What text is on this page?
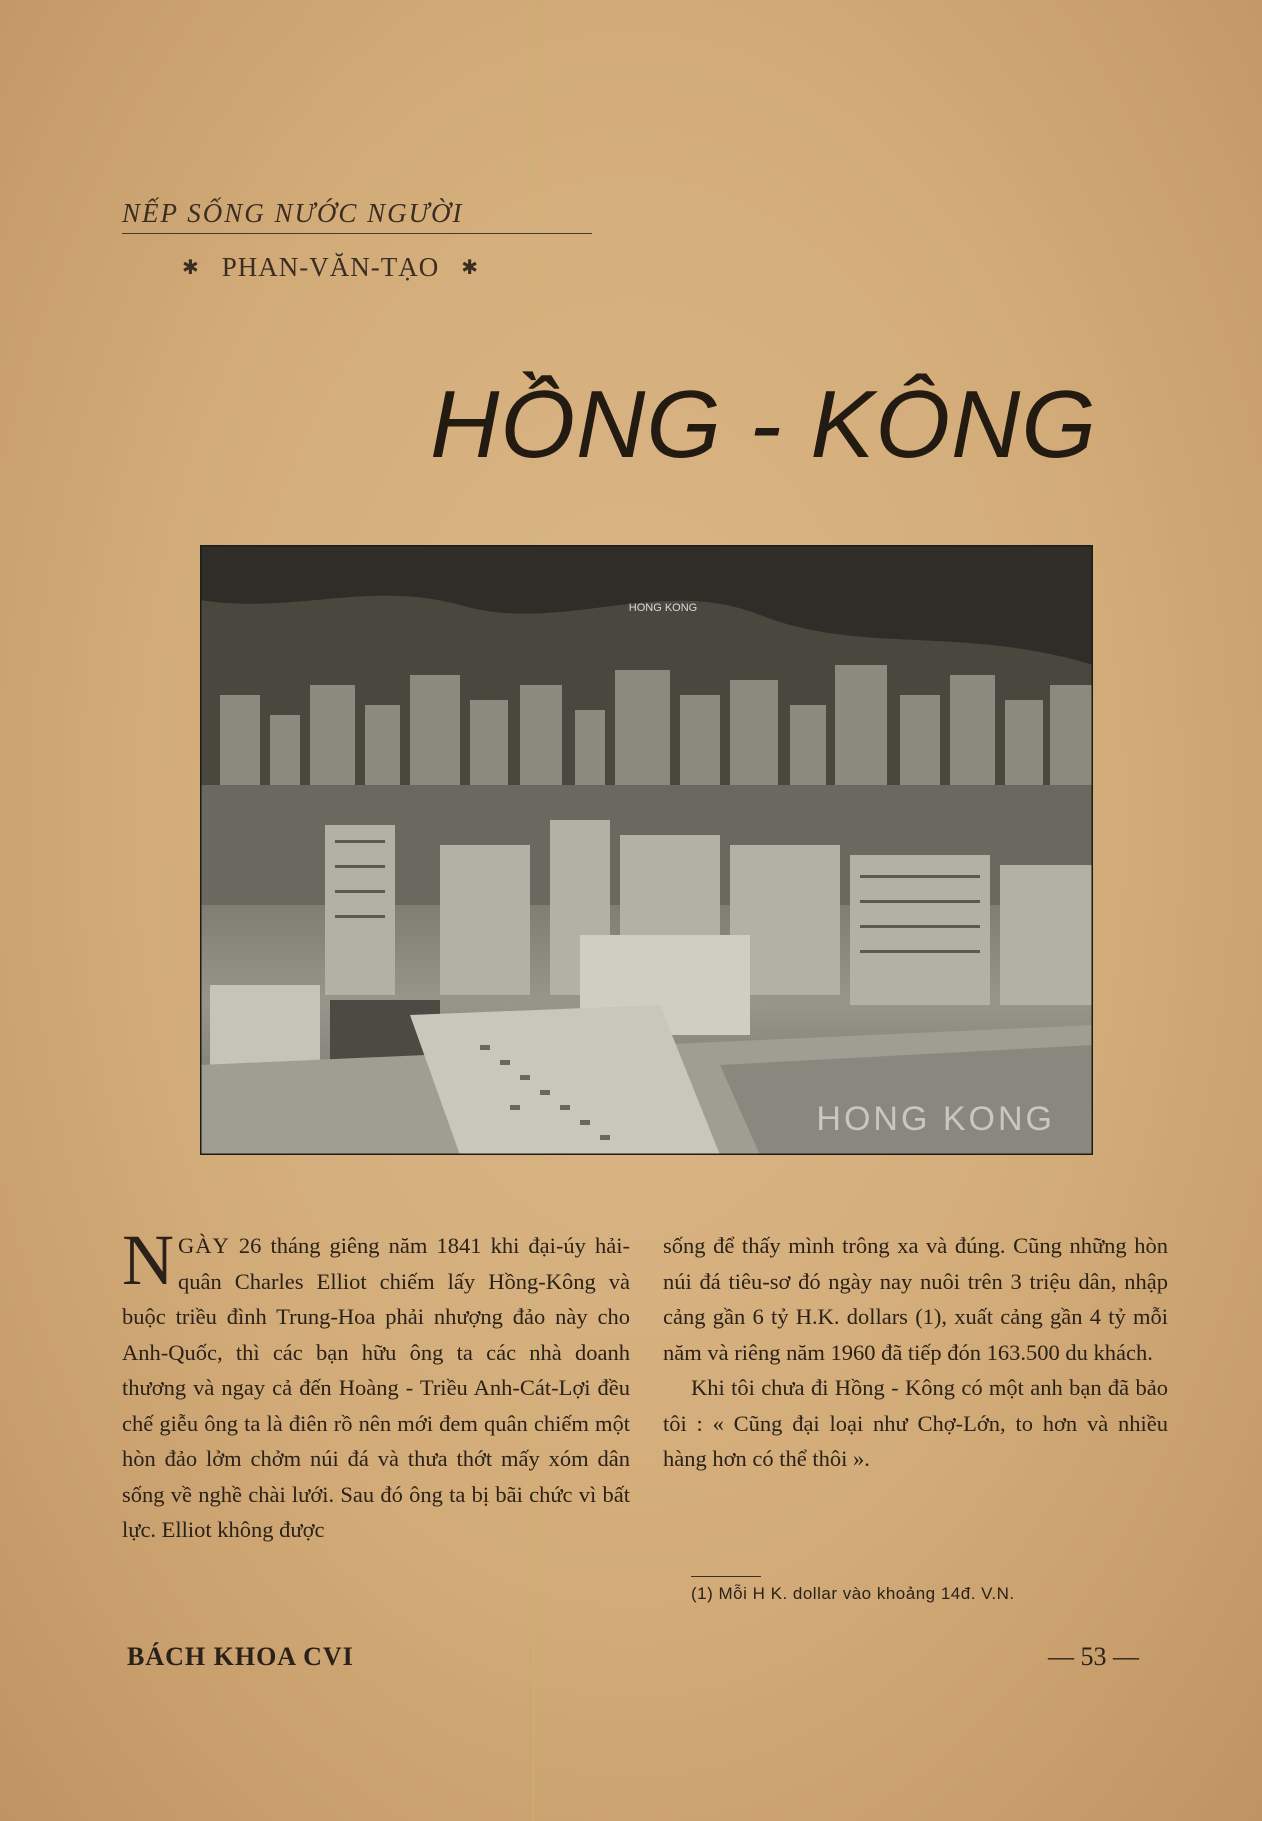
NẾP SỐNG NƯỚC NGƯỜI
✱ PHAN-VĂN-TẠO ✱
HỒNG - KÔNG
HONG KONG
HONG KONG

N GÀY 26 tháng giêng năm 1841 khi đại-úy hải-quân Charles Elliot chiếm lấy Hồng-Kông và buộc triều đình Trung-Hoa phải nhượng đảo này cho Anh-Quốc, thì các bạn hữu ông ta các nhà doanh thương và ngay cả đến Hoàng - Triều Anh-Cát-Lợi đều chế giễu ông ta là điên rồ nên mới đem quân chiếm một hòn đảo lởm chởm núi đá và thưa thớt mấy xóm dân sống về nghề chài lưới. Sau đó ông ta bị bãi chức vì bất lực. Elliot không được

sống để thấy mình trông xa và đúng. Cũng những hòn núi đá tiêu-sơ đó ngày nay nuôi trên 3 triệu dân, nhập cảng gần 6 tỷ H.K. dollars (1), xuất cảng gần 4 tỷ mỗi năm và riêng năm 1960 đã tiếp đón 163.500 du khách.

Khi tôi chưa đi Hồng - Kông có một anh bạn đã bảo tôi : « Cũng đại loại như Chợ-Lớn, to hơn và nhiều hàng hơn có thể thôi ».

(1) Mỗi H K. dollar vào khoảng 14đ. V.N.
BÁCH KHOA CVI	— 53 —
